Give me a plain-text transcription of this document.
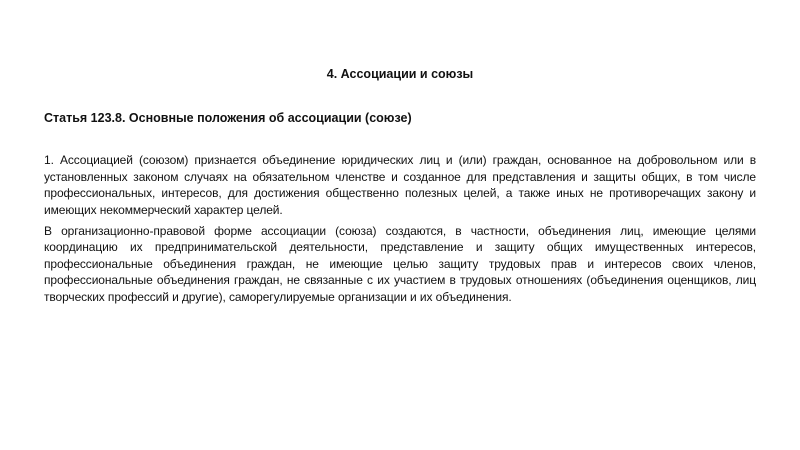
4. Ассоциации и союзы
Статья 123.8. Основные положения об ассоциации (союзе)

1. Ассоциацией (союзом) признается объединение юридических лиц и (или) граждан, основанное на добровольном или в установленных законом случаях на обязательном членстве и созданное для представления и защиты общих, в том числе профессиональных, интересов, для достижения общественно полезных целей, а также иных не противоречащих закону и имеющих некоммерческий характер целей.

В организационно-правовой форме ассоциации (союза) создаются, в частности, объединения лиц, имеющие целями координацию их предпринимательской деятельности, представление и защиту общих имущественных интересов, профессиональные объединения граждан, не имеющие целью защиту трудовых прав и интересов своих членов, профессиональные объединения граждан, не связанные с их участием в трудовых отношениях (объединения оценщиков, лиц творческих профессий и другие), саморегулируемые организации и их объединения.
